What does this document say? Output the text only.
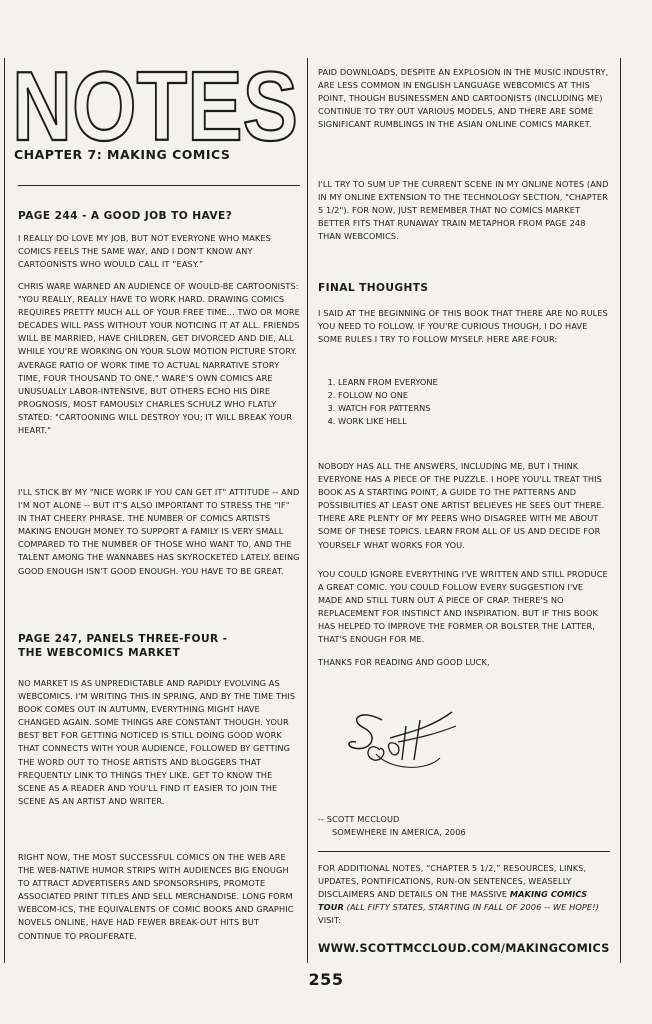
NOTES
CHAPTER 7: MAKING COMICS
PAGE 244 - A GOOD JOB TO HAVE?
I REALLY DO LOVE MY JOB, BUT NOT EVERYONE WHO MAKES COMICS FEELS THE SAME WAY, AND I DON'T KNOW ANY CARTOONISTS WHO WOULD CALL IT “EASY.”
CHRIS WARE WARNED AN AUDIENCE OF WOULD-BE CARTOONISTS: "YOU REALLY, REALLY HAVE TO WORK HARD. DRAWING COMICS REQUIRES PRETTY MUCH ALL OF YOUR FREE TIME... TWO OR MORE DECADES WILL PASS WITHOUT YOUR NOTICING IT AT ALL. FRIENDS WILL BE MARRIED, HAVE CHILDREN, GET DIVORCED AND DIE, ALL WHILE YOU'RE WORKING ON YOUR SLOW MOTION PICTURE STORY. AVERAGE RATIO OF WORK TIME TO ACTUAL NARRATIVE STORY TIME, FOUR THOUSAND TO ONE." WARE'S OWN COMICS ARE UNUSUALLY LABOR-INTENSIVE, BUT OTHERS ECHO HIS DIRE PROGNOSIS, MOST FAMOUSLY CHARLES SCHULZ WHO FLATLY STATED: "CARTOONING WILL DESTROY YOU; IT WILL BREAK YOUR HEART."
I'LL STICK BY MY "NICE WORK IF YOU CAN GET IT" ATTITUDE -- AND I'M NOT ALONE -- BUT IT'S ALSO IMPORTANT TO STRESS THE "IF" IN THAT CHEERY PHRASE. THE NUMBER OF COMICS ARTISTS MAKING ENOUGH MONEY TO SUPPORT A FAMILY IS VERY SMALL COMPARED TO THE NUMBER OF THOSE WHO WANT TO, AND THE TALENT AMONG THE WANNABES HAS SKYROCKETED LATELY. BEING GOOD ENOUGH ISN'T GOOD ENOUGH. YOU HAVE TO BE GREAT.
PAGE 247, PANELS THREE-FOUR -
THE WEBCOMICS MARKET
NO MARKET IS AS UNPREDICTABLE AND RAPIDLY EVOLVING AS WEBCOMICS. I'M WRITING THIS IN SPRING, AND BY THE TIME THIS BOOK COMES OUT IN AUTUMN, EVERYTHING MIGHT HAVE CHANGED AGAIN. SOME THINGS ARE CONSTANT THOUGH. YOUR BEST BET FOR GETTING NOTICED IS STILL DOING GOOD WORK THAT CONNECTS WITH YOUR AUDIENCE, FOLLOWED BY GETTING THE WORD OUT TO THOSE ARTISTS AND BLOGGERS THAT FREQUENTLY LINK TO THINGS THEY LIKE. GET TO KNOW THE SCENE AS A READER AND YOU'LL FIND IT EASIER TO JOIN THE SCENE AS AN ARTIST AND WRITER.
RIGHT NOW, THE MOST SUCCESSFUL COMICS ON THE WEB ARE THE WEB-NATIVE HUMOR STRIPS WITH AUDIENCES BIG ENOUGH TO ATTRACT ADVERTISERS AND SPONSORSHIPS, PROMOTE ASSOCIATED PRINT TITLES AND SELL MERCHANDISE. LONG FORM WEBCOM-ICS, THE EQUIVALENTS OF COMIC BOOKS AND GRAPHIC NOVELS ONLINE, HAVE HAD FEWER BREAK-OUT HITS BUT CONTINUE TO PROLIFERATE.
PAID DOWNLOADS, DESPITE AN EXPLOSION IN THE MUSIC INDUSTRY, ARE LESS COMMON IN ENGLISH LANGUAGE WEBCOMICS AT THIS POINT, THOUGH BUSINESSMEN AND CARTOONISTS (INCLUDING ME) CONTINUE TO TRY OUT VARIOUS MODELS, AND THERE ARE SOME SIGNIFICANT RUMBLINGS IN THE ASIAN ONLINE COMICS MARKET.
I'LL TRY TO SUM UP THE CURRENT SCENE IN MY ONLINE NOTES (AND IN MY ONLINE EXTENSION TO THE TECHNOLOGY SECTION, "CHAPTER 5 1/2"). FOR NOW, JUST REMEMBER THAT NO COMICS MARKET BETTER FITS THAT RUNAWAY TRAIN METAPHOR FROM PAGE 248 THAN WEBCOMICS.
FINAL THOUGHTS
I SAID AT THE BEGINNING OF THIS BOOK THAT THERE ARE NO RULES YOU NEED TO FOLLOW. IF YOU'RE CURIOUS THOUGH, I DO HAVE SOME RULES I TRY TO FOLLOW MYSELF. HERE ARE FOUR:
1. LEARN FROM EVERYONE
2. FOLLOW NO ONE
3. WATCH FOR PATTERNS
4. WORK LIKE HELL
NOBODY HAS ALL THE ANSWERS, INCLUDING ME, BUT I THINK EVERYONE HAS A PIECE OF THE PUZZLE. I HOPE YOU'LL TREAT THIS BOOK AS A STARTING POINT, A GUIDE TO THE PATTERNS AND POSSIBILITIES AT LEAST ONE ARTIST BELIEVES HE SEES OUT THERE. THERE ARE PLENTY OF MY PEERS WHO DISAGREE WITH ME ABOUT SOME OF THESE TOPICS. LEARN FROM ALL OF US AND DECIDE FOR YOURSELF WHAT WORKS FOR YOU.
YOU COULD IGNORE EVERYTHING I'VE WRITTEN AND STILL PRODUCE A GREAT COMIC. YOU COULD FOLLOW EVERY SUGGESTION I'VE MADE AND STILL TURN OUT A PIECE OF CRAP. THERE'S NO REPLACEMENT FOR INSTINCT AND INSPIRATION. BUT IF THIS BOOK HAS HELPED TO IMPROVE THE FORMER OR BOLSTER THE LATTER, THAT'S ENOUGH FOR ME.
THANKS FOR READING AND GOOD LUCK,
Scott
-- SCOTT MCCLOUD
SOMEWHERE IN AMERICA, 2006
FOR ADDITIONAL NOTES, “CHAPTER 5 1/2,” RESOURCES, LINKS, UPDATES, PONTIFICATIONS, RUN-ON SENTENCES, WEASELLY DISCLAIMERS AND DETAILS ON THE MASSIVE MAKING COMICS TOUR (ALL FIFTY STATES, STARTING IN FALL OF 2006 -- WE HOPE!) VISIT:
WWW.SCOTTMCCLOUD.COM/MAKINGCOMICS
255
